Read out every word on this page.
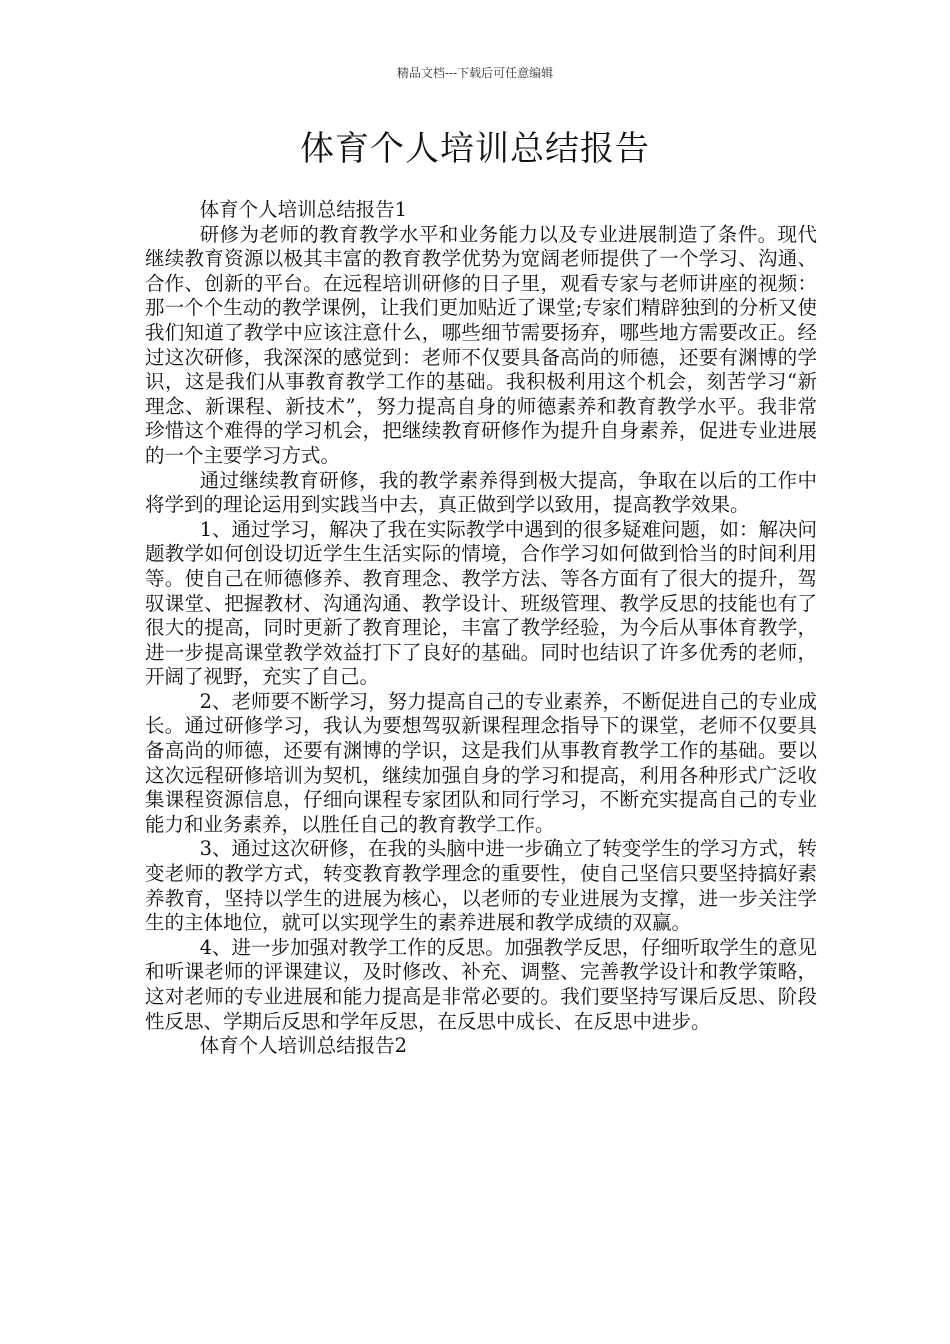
精品文档---下载后可任意编辑
体育个人培训总结报告

体育个人培训总结报告1

研修为老师的教育教学水平和业务能力以及专业进展制造了条件。现代继续教育资源以极其丰富的教育教学优势为宽阔老师提供了一个学习、沟通、合作、创新的平台。在远程培训研修的日子里，观看专家与老师讲座的视频：那一个个生动的教学课例，让我们更加贴近了课堂;专家们精辟独到的分析又使我们知道了教学中应该注意什么，哪些细节需要扬弃，哪些地方需要改正。经过这次研修，我深深的感觉到：老师不仅要具备高尚的师德，还要有渊博的学识，这是我们从事教育教学工作的基础。我积极利用这个机会，刻苦学习“新理念、新课程、新技术”，努力提高自身的师德素养和教育教学水平。我非常珍惜这个难得的学习机会，把继续教育研修作为提升自身素养，促进专业进展的一个主要学习方式。

通过继续教育研修，我的教学素养得到极大提高，争取在以后的工作中将学到的理论运用到实践当中去，真正做到学以致用，提高教学效果。

1、通过学习，解决了我在实际教学中遇到的很多疑难问题，如：解决问题教学如何创设切近学生生活实际的情境，合作学习如何做到恰当的时间利用等。使自己在师德修养、教育理念、教学方法、等各方面有了很大的提升，驾驭课堂、把握教材、沟通沟通、教学设计、班级管理、教学反思的技能也有了很大的提高，同时更新了教育理论，丰富了教学经验，为今后从事体育教学，进一步提高课堂教学效益打下了良好的基础。同时也结识了许多优秀的老师，开阔了视野，充实了自己。

2、老师要不断学习，努力提高自己的专业素养，不断促进自己的专业成长。通过研修学习，我认为要想驾驭新课程理念指导下的课堂，老师不仅要具备高尚的师德，还要有渊博的学识，这是我们从事教育教学工作的基础。要以这次远程研修培训为契机，继续加强自身的学习和提高，利用各种形式广泛收集课程资源信息，仔细向课程专家团队和同行学习，不断充实提高自己的专业能力和业务素养，以胜任自己的教育教学工作。

3、通过这次研修，在我的头脑中进一步确立了转变学生的学习方式，转变老师的教学方式，转变教育教学理念的重要性，使自己坚信只要坚持搞好素养教育，坚持以学生的进展为核心，以老师的专业进展为支撑，进一步关注学生的主体地位，就可以实现学生的素养进展和教学成绩的双赢。

4、进一步加强对教学工作的反思。加强教学反思，仔细听取学生的意见和听课老师的评课建议，及时修改、补充、调整、完善教学设计和教学策略，这对老师的专业进展和能力提高是非常必要的。我们要坚持写课后反思、阶段性反思、学期后反思和学年反思，在反思中成长、在反思中进步。

体育个人培训总结报告2
